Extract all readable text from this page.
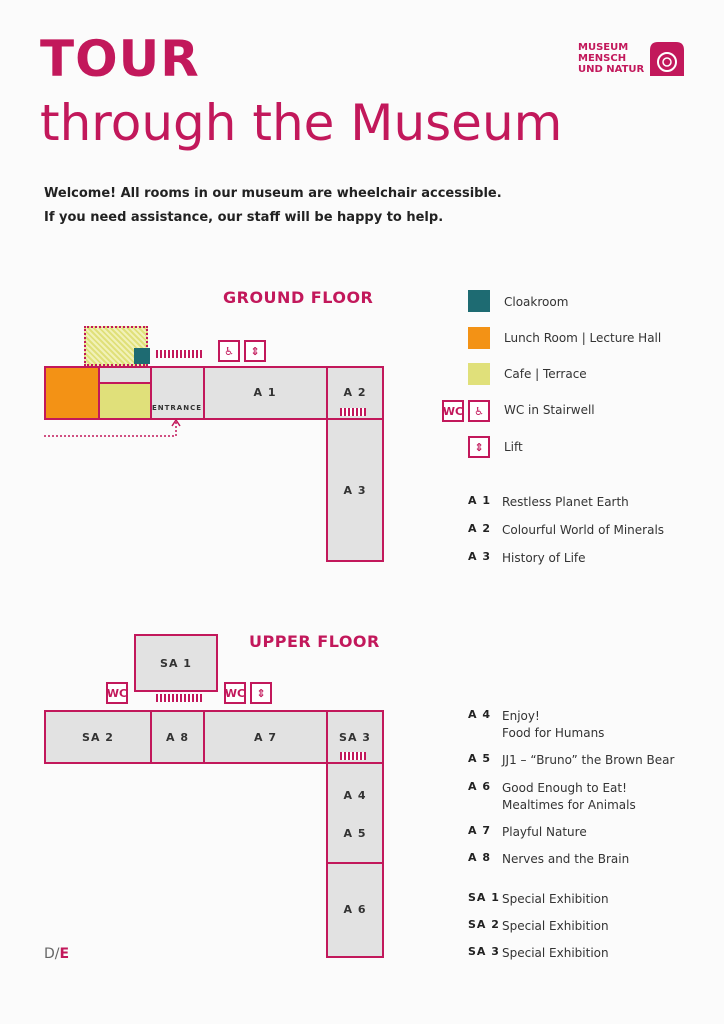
TOUR
through the Museum
Welcome! All rooms in our museum are wheelchair accessible.
If you need assistance, our staff will be happy to help.
MUSEUM
MENSCH
UND NATUR
GROUND FLOOR
♿	⇕
ENTRANCE
A 1	A 2
A 3
Cloakroom
Lunch Room | Lecture Hall
Cafe | Terrace
WC ♿	WC in Stairwell
⇕	Lift
A 1 Restless Planet Earth
A 2 Colourful World of Minerals
A 3 History of Life
UPPER FLOOR
SA 1
WC	WC	⇕
SA 2	A 8	A 7	SA 3
A 4
A 5
A 6
A 4 Enjoy!
Food for Humans
A 5 JJ1 – “Bruno” the Brown Bear
A 6 Good Enough to Eat!
Mealtimes for Animals
A 7 Playful Nature
A 8 Nerves and the Brain
SA 1 Special Exhibition
SA 2 Special Exhibition
SA 3 Special Exhibition
D/E
